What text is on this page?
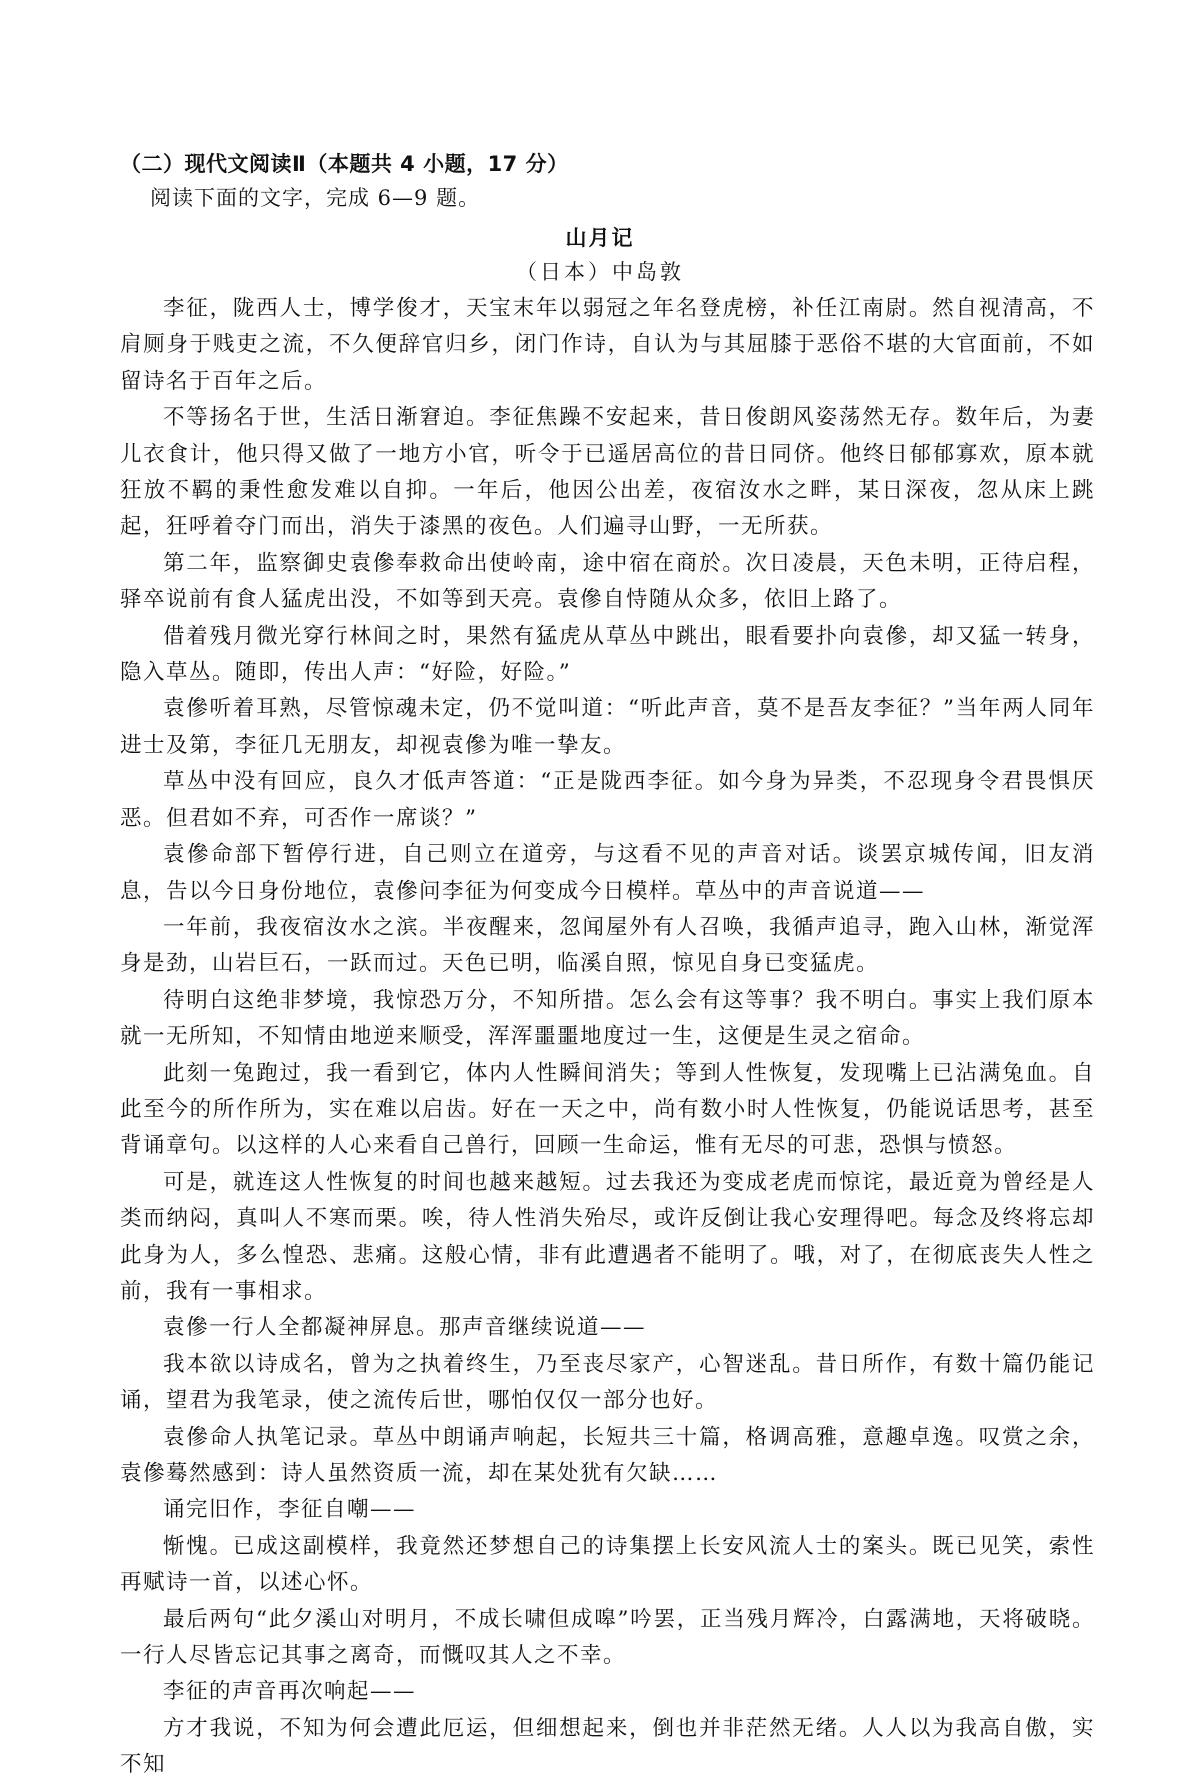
（二）现代文阅读Ⅱ（本题共 4 小题，17 分）
阅读下面的文字，完成 6—9 题。
山月记
（日本）中岛敦

李征，陇西人士，博学俊才，天宝末年以弱冠之年名登虎榜，补任江南尉。然自视清高，不肩厕身于贱吏之流，不久便辞官归乡，闭门作诗，自认为与其屈膝于恶俗不堪的大官面前，不如留诗名于百年之后。

不等扬名于世，生活日渐窘迫。李征焦躁不安起来，昔日俊朗风姿荡然无存。数年后，为妻儿衣食计，他只得又做了一地方小官，听令于已遥居高位的昔日同侪。他终日郁郁寡欢，原本就狂放不羁的秉性愈发难以自抑。一年后，他因公出差，夜宿汝水之畔，某日深夜，忽从床上跳起，狂呼着夺门而出，消失于漆黑的夜色。人们遍寻山野，一无所获。

第二年，监察御史袁傪奉救命出使岭南，途中宿在商於。次日凌晨，天色未明，正待启程，驿卒说前有食人猛虎出没，不如等到天亮。袁傪自恃随从众多，依旧上路了。

借着残月微光穿行林间之时，果然有猛虎从草丛中跳出，眼看要扑向袁傪，却又猛一转身，隐入草丛。随即，传出人声：“好险，好险。”

袁傪听着耳熟，尽管惊魂未定，仍不觉叫道：“听此声音，莫不是吾友李征？”当年两人同年进士及第，李征几无朋友，却视袁傪为唯一挚友。

草丛中没有回应，良久才低声答道：“正是陇西李征。如今身为异类，不忍现身令君畏惧厌恶。但君如不弃，可否作一席谈？”

袁傪命部下暂停行进，自己则立在道旁，与这看不见的声音对话。谈罢京城传闻，旧友消息，告以今日身份地位，袁傪问李征为何变成今日模样。草丛中的声音说道——

一年前，我夜宿汝水之滨。半夜醒来，忽闻屋外有人召唤，我循声追寻，跑入山林，渐觉浑身是劲，山岩巨石，一跃而过。天色已明，临溪自照，惊见自身已变猛虎。

待明白这绝非梦境，我惊恐万分，不知所措。怎么会有这等事？我不明白。事实上我们原本就一无所知，不知情由地逆来顺受，浑浑噩噩地度过一生，这便是生灵之宿命。

此刻一兔跑过，我一看到它，体内人性瞬间消失；等到人性恢复，发现嘴上已沾满兔血。自此至今的所作所为，实在难以启齿。好在一天之中，尚有数小时人性恢复，仍能说话思考，甚至背诵章句。以这样的人心来看自己兽行，回顾一生命运，惟有无尽的可悲，恐惧与愤怒。

可是，就连这人性恢复的时间也越来越短。过去我还为变成老虎而惊诧，最近竟为曾经是人类而纳闷，真叫人不寒而栗。唉，待人性消失殆尽，或许反倒让我心安理得吧。每念及终将忘却此身为人，多么惶恐、悲痛。这般心情，非有此遭遇者不能明了。哦，对了，在彻底丧失人性之前，我有一事相求。

袁傪一行人全都凝神屏息。那声音继续说道——

我本欲以诗成名，曾为之执着终生，乃至丧尽家产，心智迷乱。昔日所作，有数十篇仍能记诵，望君为我笔录，使之流传后世，哪怕仅仅一部分也好。

袁傪命人执笔记录。草丛中朗诵声响起，长短共三十篇，格调高雅，意趣卓逸。叹赏之余，袁傪蓦然感到：诗人虽然资质一流，却在某处犹有欠缺……

诵完旧作，李征自嘲——

惭愧。已成这副模样，我竟然还梦想自己的诗集摆上长安风流人士的案头。既已见笑，索性再赋诗一首，以述心怀。

最后两句“此夕溪山对明月，不成长啸但成嗥”吟罢，正当残月辉冷，白露满地，天将破晓。一行人尽皆忘记其事之离奇，而慨叹其人之不幸。

李征的声音再次响起——

方才我说，不知为何会遭此厄运，但细想起来，倒也并非茫然无绪。人人以为我高自傲，实不知
